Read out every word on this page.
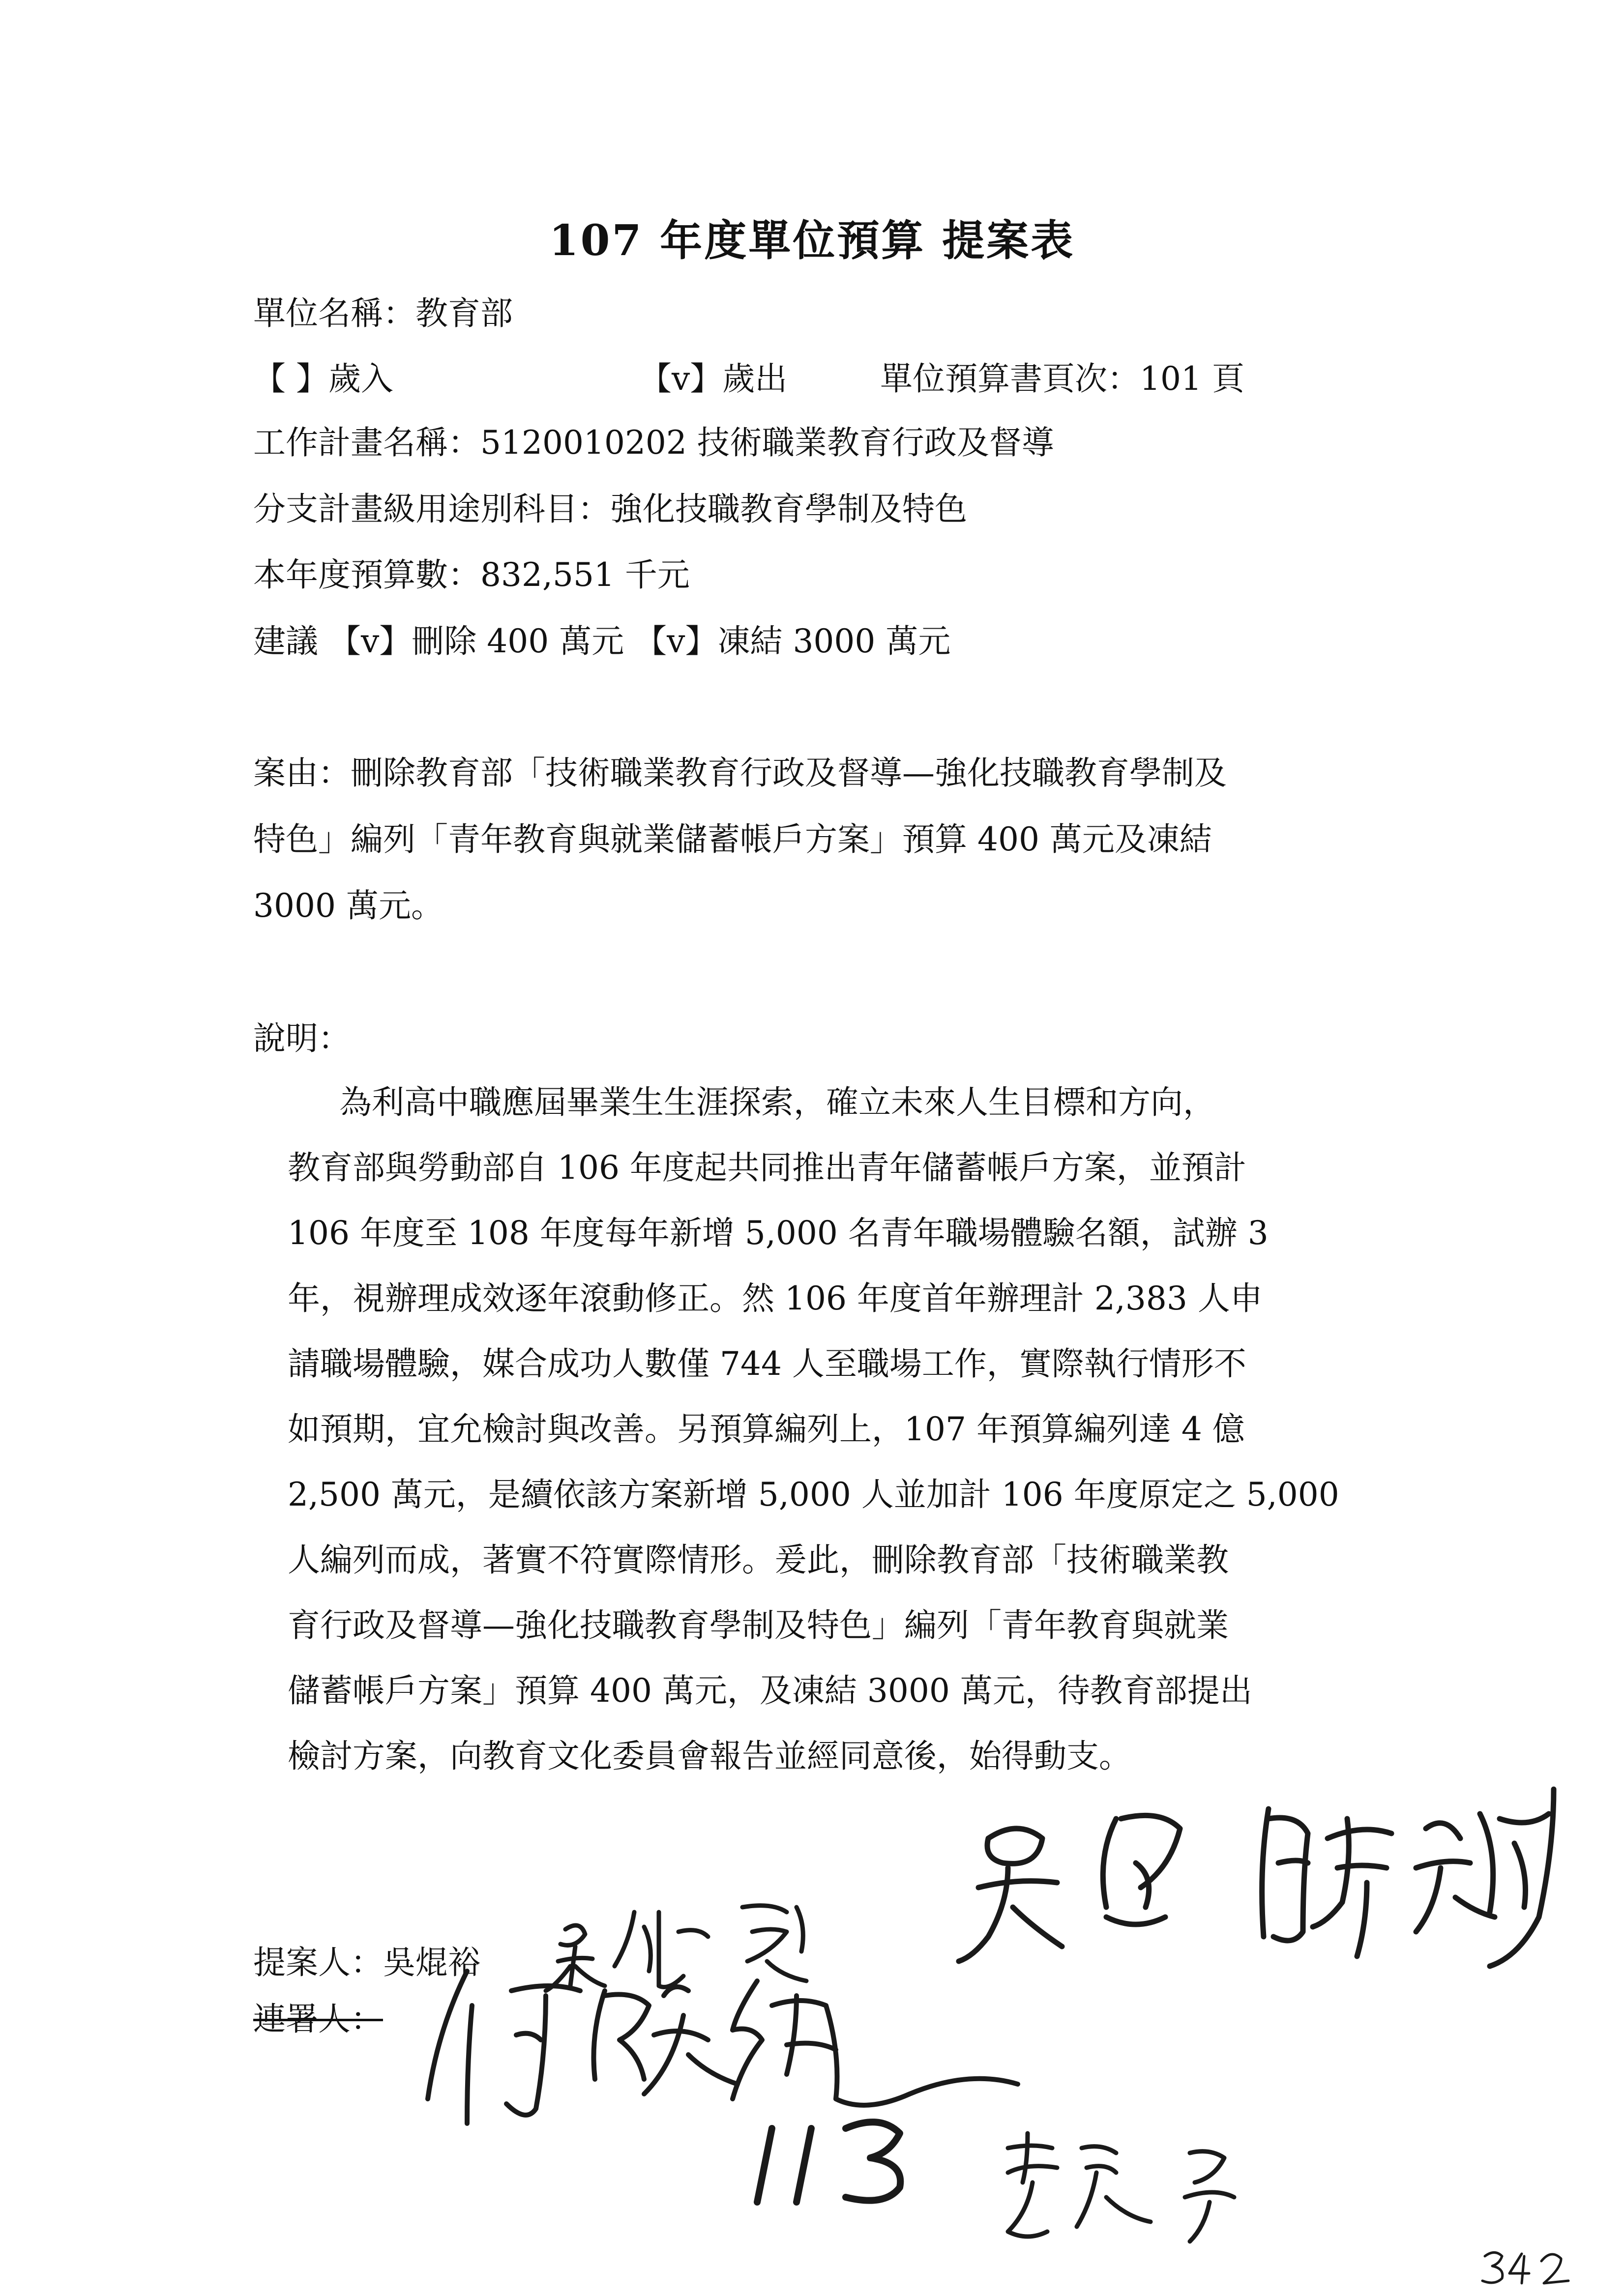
107 年度單位預算 提案表
單位名稱：教育部
【 】歲入	【v】歲出	單位預算書頁次：101 頁
工作計畫名稱：5120010202 技術職業教育行政及督導
分支計畫級用途別科目：強化技職教育學制及特色
本年度預算數：832,551 千元
建議 【v】刪除 400 萬元 【v】凍結 3000 萬元
案由：刪除教育部「技術職業教育行政及督導—強化技職教育學制及
特色」編列「青年教育與就業儲蓄帳戶方案」預算 400 萬元及凍結
3000 萬元。
說明：
為利高中職應屆畢業生生涯探索，確立未來人生目標和方向，
教育部與勞動部自 106 年度起共同推出青年儲蓄帳戶方案，並預計
106 年度至 108 年度每年新增 5,000 名青年職場體驗名額，試辦 3
年，視辦理成效逐年滾動修正。然 106 年度首年辦理計 2,383 人申
請職場體驗，媒合成功人數僅 744 人至職場工作，實際執行情形不
如預期，宜允檢討與改善。另預算編列上，107 年預算編列達 4 億
2,500 萬元，是續依該方案新增 5,000 人並加計 106 年度原定之 5,000
人編列而成，著實不符實際情形。爰此，刪除教育部「技術職業教
育行政及督導—強化技職教育學制及特色」編列「青年教育與就業
儲蓄帳戶方案」預算 400 萬元，及凍結 3000 萬元，待教育部提出
檢討方案，向教育文化委員會報告並經同意後，始得動支。
提案人：吳焜裕
連署人：
